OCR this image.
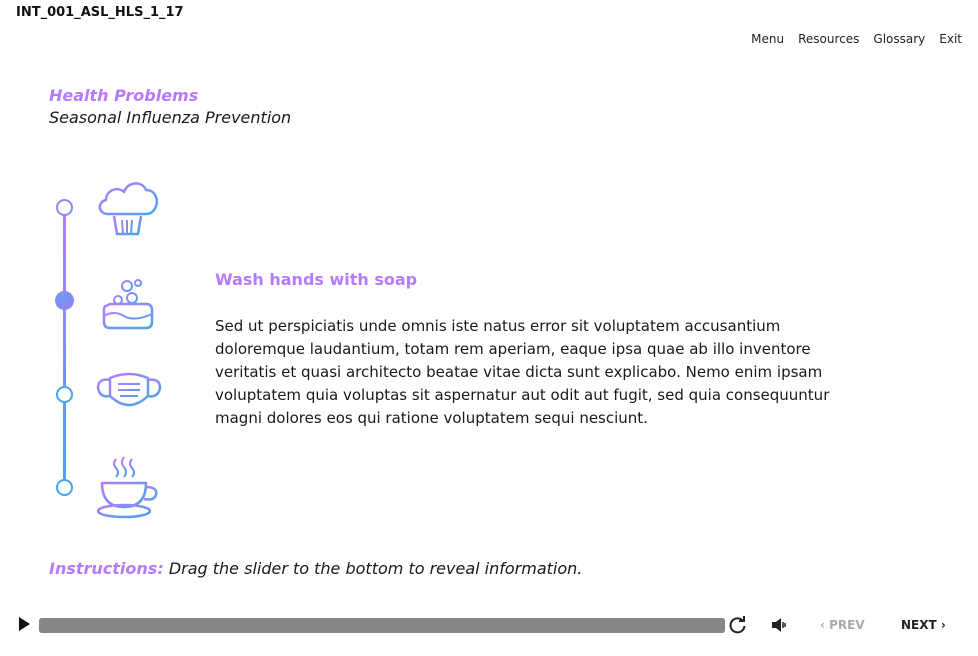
INT_001_ASL_HLS_1_17
Menu Resources Glossary Exit
Health Problems
Seasonal Influenza Prevention
Wash hands with soap
Sed ut perspiciatis unde omnis iste natus error sit voluptatem accusantium doloremque laudantium, totam rem aperiam, eaque ipsa quae ab illo inventore veritatis et quasi architecto beatae vitae dicta sunt explicabo. Nemo enim ipsam voluptatem quia voluptas sit aspernatur aut odit aut fugit, sed quia consequuntur magni dolores eos qui ratione voluptatem sequi nesciunt.
Instructions: Drag the slider to the bottom to reveal information.
‹ PREV	NEXT ›
